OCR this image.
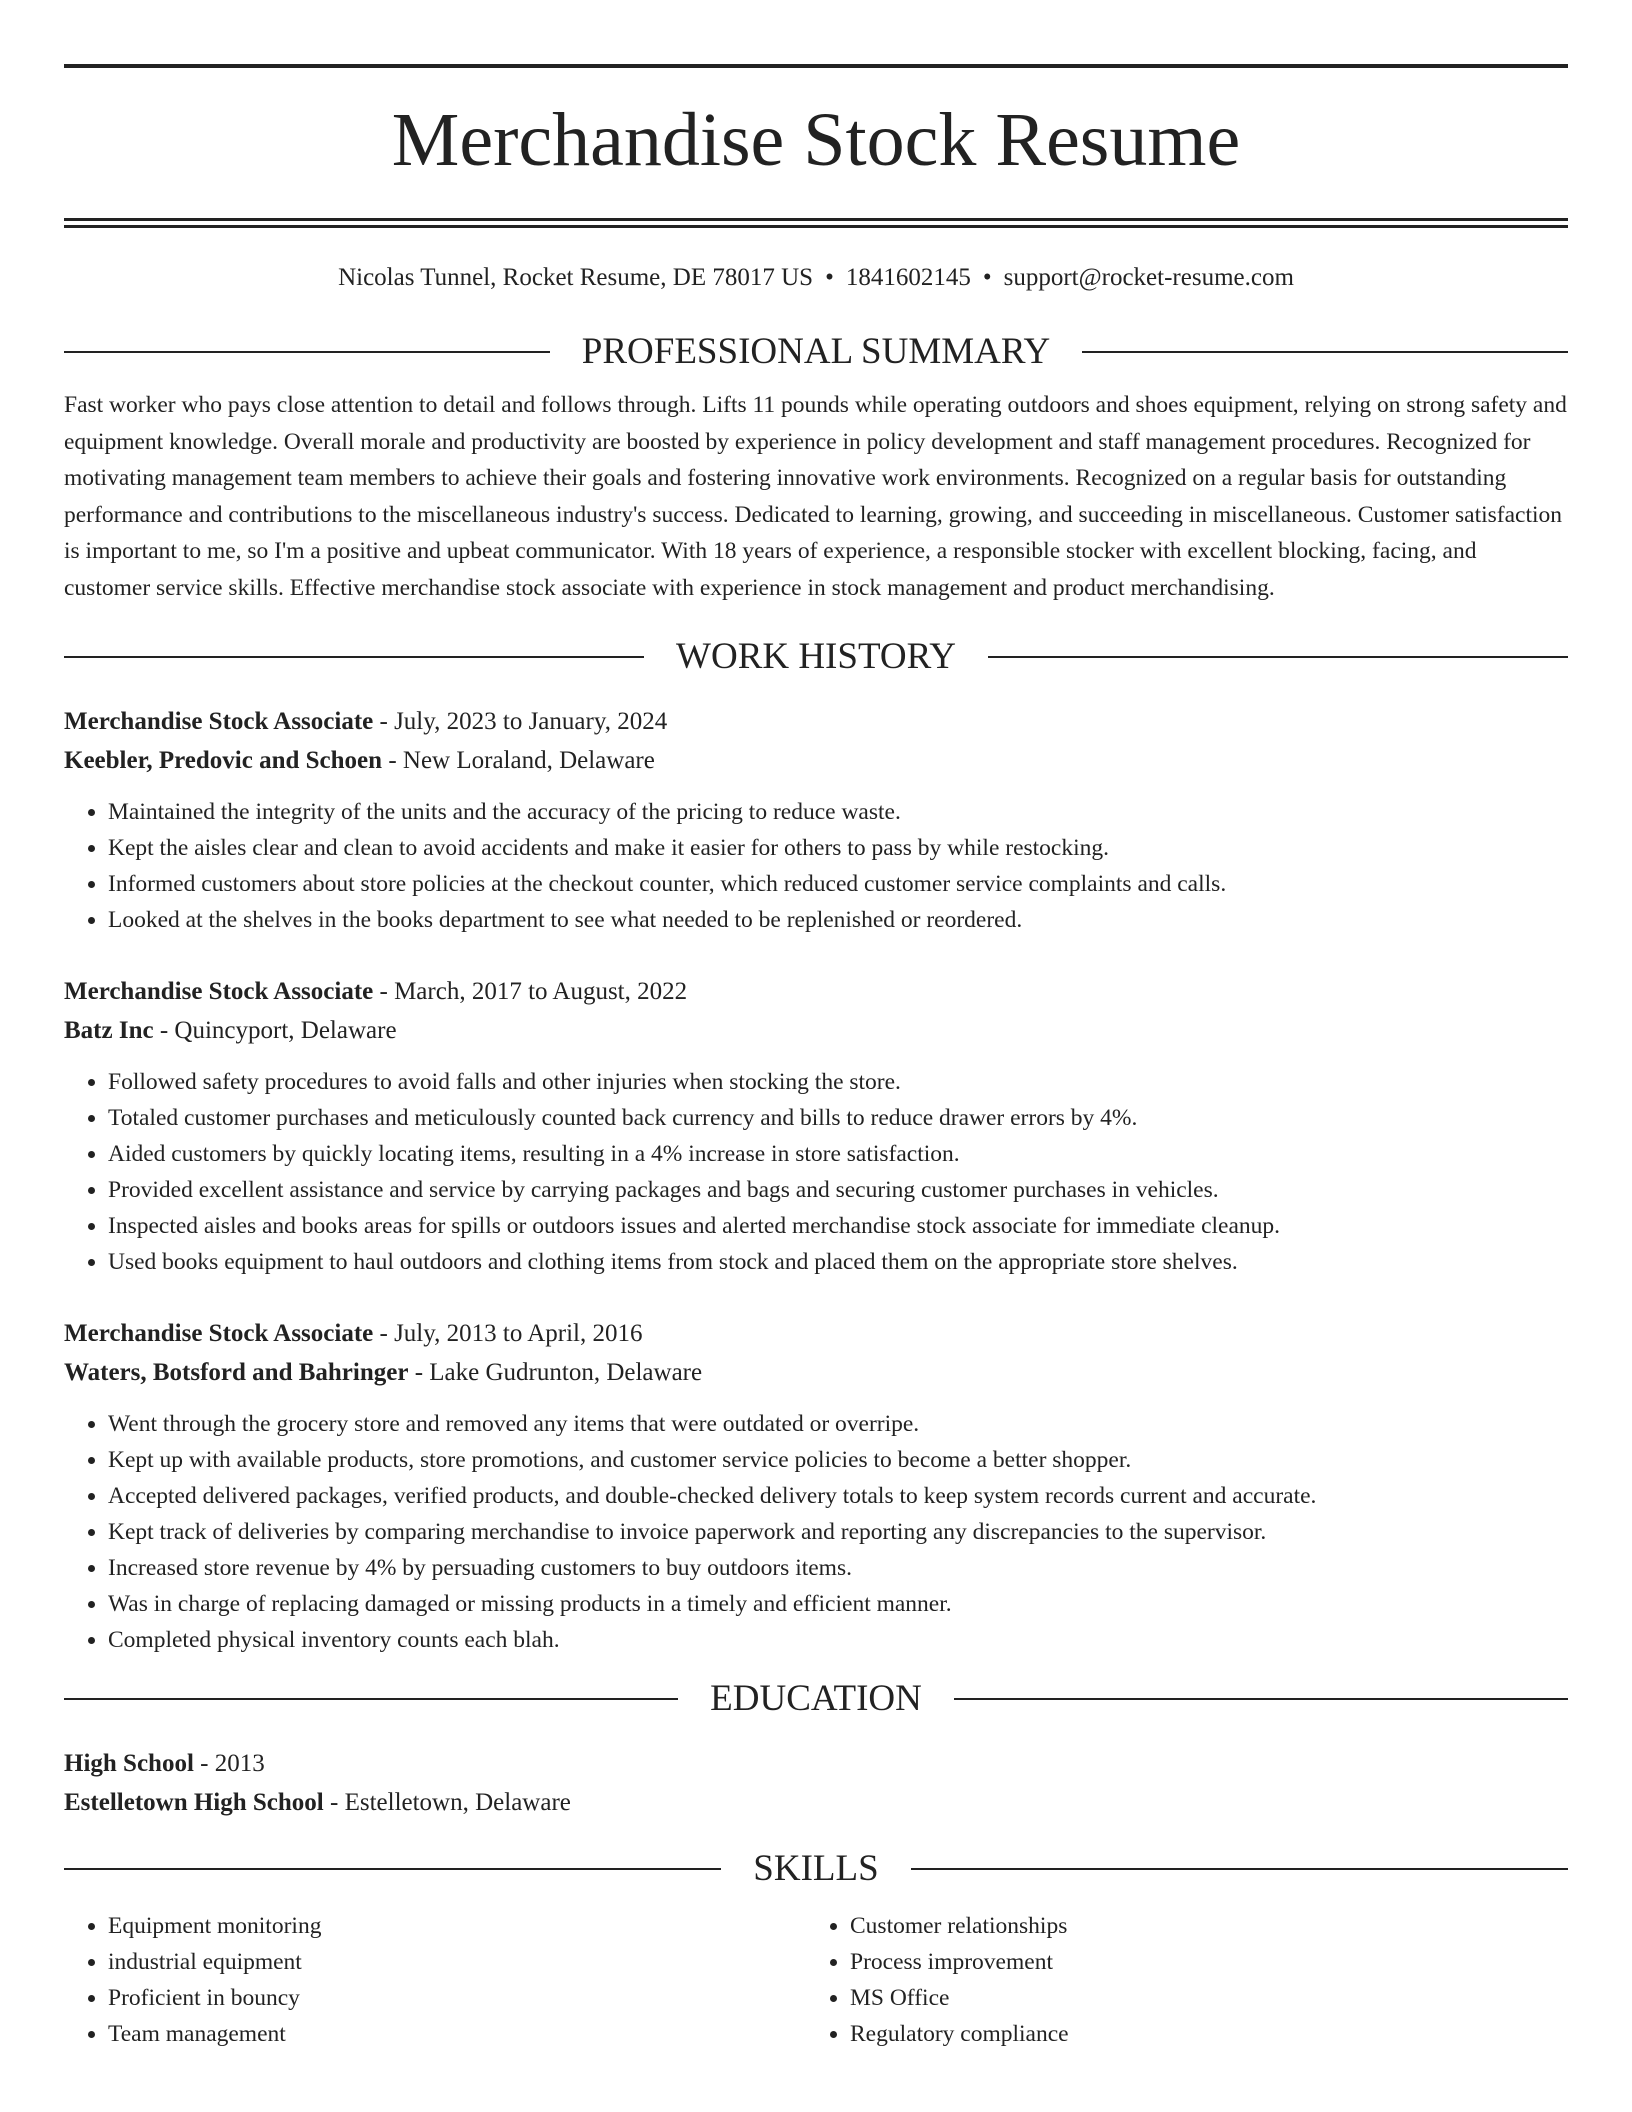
Merchandise Stock Resume
Nicolas Tunnel, Rocket Resume, DE 78017 US • 1841602145 • support@rocket-resume.com
PROFESSIONAL SUMMARY

Fast worker who pays close attention to detail and follows through. Lifts 11 pounds while operating outdoors and shoes equipment, relying on strong safety and equipment knowledge. Overall morale and productivity are boosted by experience in policy development and staff management procedures. Recognized for motivating management team members to achieve their goals and fostering innovative work environments. Recognized on a regular basis for outstanding performance and contributions to the miscellaneous industry's success. Dedicated to learning, growing, and succeeding in miscellaneous. Customer satisfaction is important to me, so I'm a positive and upbeat communicator. With 18 years of experience, a responsible stocker with excellent blocking, facing, and customer service skills. Effective merchandise stock associate with experience in stock management and product merchandising.

WORK HISTORY
Merchandise Stock Associate - July, 2023 to January, 2024
Keebler, Predovic and Schoen - New Loraland, Delaware
• Maintained the integrity of the units and the accuracy of the pricing to reduce waste.
• Kept the aisles clear and clean to avoid accidents and make it easier for others to pass by while restocking.
• Informed customers about store policies at the checkout counter, which reduced customer service complaints and calls.
• Looked at the shelves in the books department to see what needed to be replenished or reordered.
Merchandise Stock Associate - March, 2017 to August, 2022
Batz Inc - Quincyport, Delaware
• Followed safety procedures to avoid falls and other injuries when stocking the store.
• Totaled customer purchases and meticulously counted back currency and bills to reduce drawer errors by 4%.
• Aided customers by quickly locating items, resulting in a 4% increase in store satisfaction.
• Provided excellent assistance and service by carrying packages and bags and securing customer purchases in vehicles.
• Inspected aisles and books areas for spills or outdoors issues and alerted merchandise stock associate for immediate cleanup.
• Used books equipment to haul outdoors and clothing items from stock and placed them on the appropriate store shelves.
Merchandise Stock Associate - July, 2013 to April, 2016
Waters, Botsford and Bahringer - Lake Gudrunton, Delaware
• Went through the grocery store and removed any items that were outdated or overripe.
• Kept up with available products, store promotions, and customer service policies to become a better shopper.
• Accepted delivered packages, verified products, and double-checked delivery totals to keep system records current and accurate.
• Kept track of deliveries by comparing merchandise to invoice paperwork and reporting any discrepancies to the supervisor.
• Increased store revenue by 4% by persuading customers to buy outdoors items.
• Was in charge of replacing damaged or missing products in a timely and efficient manner.
• Completed physical inventory counts each blah.
EDUCATION
High School - 2013
Estelletown High School - Estelletown, Delaware
SKILLS
• Equipment monitoring
• industrial equipment
• Proficient in bouncy
• Team management
• Customer relationships
• Process improvement
• MS Office
• Regulatory compliance
